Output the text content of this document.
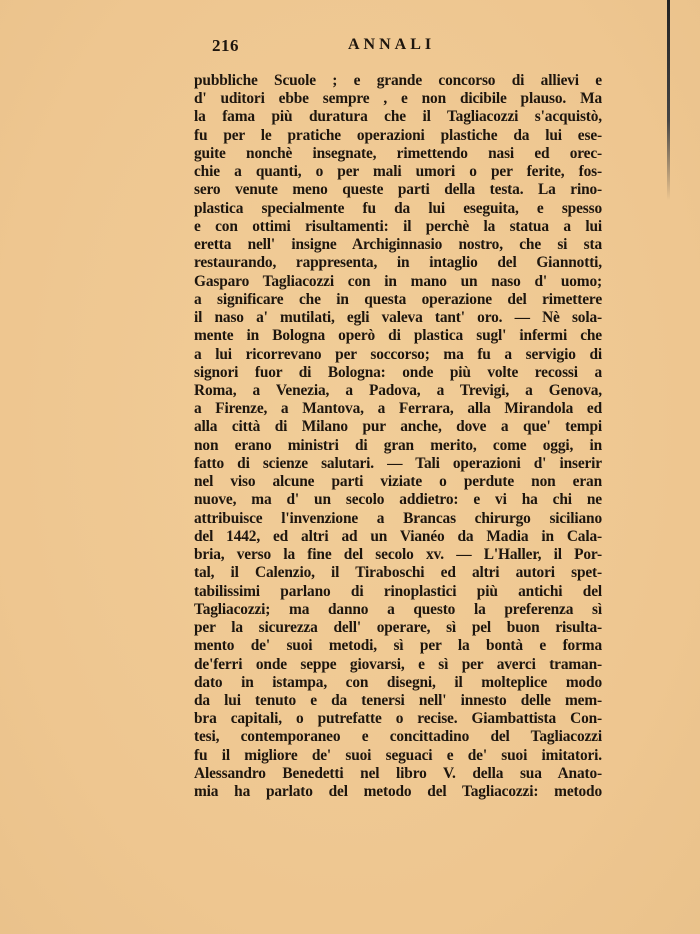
216	ANNALI
pubbliche Scuole ; e grande concorso di allievi e
d' uditori ebbe sempre , e non dicibile plauso. Ma
la fama più duratura che il Tagliacozzi s'acquistò,
fu per le pratiche operazioni plastiche da lui ese-
guite nonchè insegnate, rimettendo nasi ed orec-
chie a quanti, o per mali umori o per ferite, fos-
sero venute meno queste parti della testa. La rino-
plastica specialmente fu da lui eseguita, e spesso
e con ottimi risultamenti: il perchè la statua a lui
eretta nell' insigne Archiginnasio nostro, che si sta
restaurando, rappresenta, in intaglio del Giannotti,
Gasparo Tagliacozzi con in mano un naso d' uomo;
a significare che in questa operazione del rimettere
il naso a' mutilati, egli valeva tant' oro. — Nè sola-
mente in Bologna operò di plastica sugl' infermi che
a lui ricorrevano per soccorso; ma fu a servigio di
signori fuor di Bologna: onde più volte recossi a
Roma, a Venezia, a Padova, a Trevigi, a Genova,
a Firenze, a Mantova, a Ferrara, alla Mirandola ed
alla città di Milano pur anche, dove a que' tempi
non erano ministri di gran merito, come oggi, in
fatto di scienze salutari. — Tali operazioni d' inserir
nel viso alcune parti viziate o perdute non eran
nuove, ma d' un secolo addietro: e vi ha chi ne
attribuisce l'invenzione a Brancas chirurgo siciliano
del 1442, ed altri ad un Vianéo da Madia in Cala-
bria, verso la fine del secolo xv. — L'Haller, il Por-
tal, il Calenzio, il Tiraboschi ed altri autori spet-
tabilissimi parlano di rinoplastici più antichi del
Tagliacozzi; ma danno a questo la preferenza sì
per la sicurezza dell' operare, sì pel buon risulta-
mento de' suoi metodi, sì per la bontà e forma
de'ferri onde seppe giovarsi, e sì per averci traman-
dato in istampa, con disegni, il molteplice modo
da lui tenuto e da tenersi nell' innesto delle mem-
bra capitali, o putrefatte o recise. Giambattista Con-
tesi, contemporaneo e concittadino del Tagliacozzi
fu il migliore de' suoi seguaci e de' suoi imitatori.
Alessandro Benedetti nel libro V. della sua Anato-
mia ha parlato del metodo del Tagliacozzi: metodo
